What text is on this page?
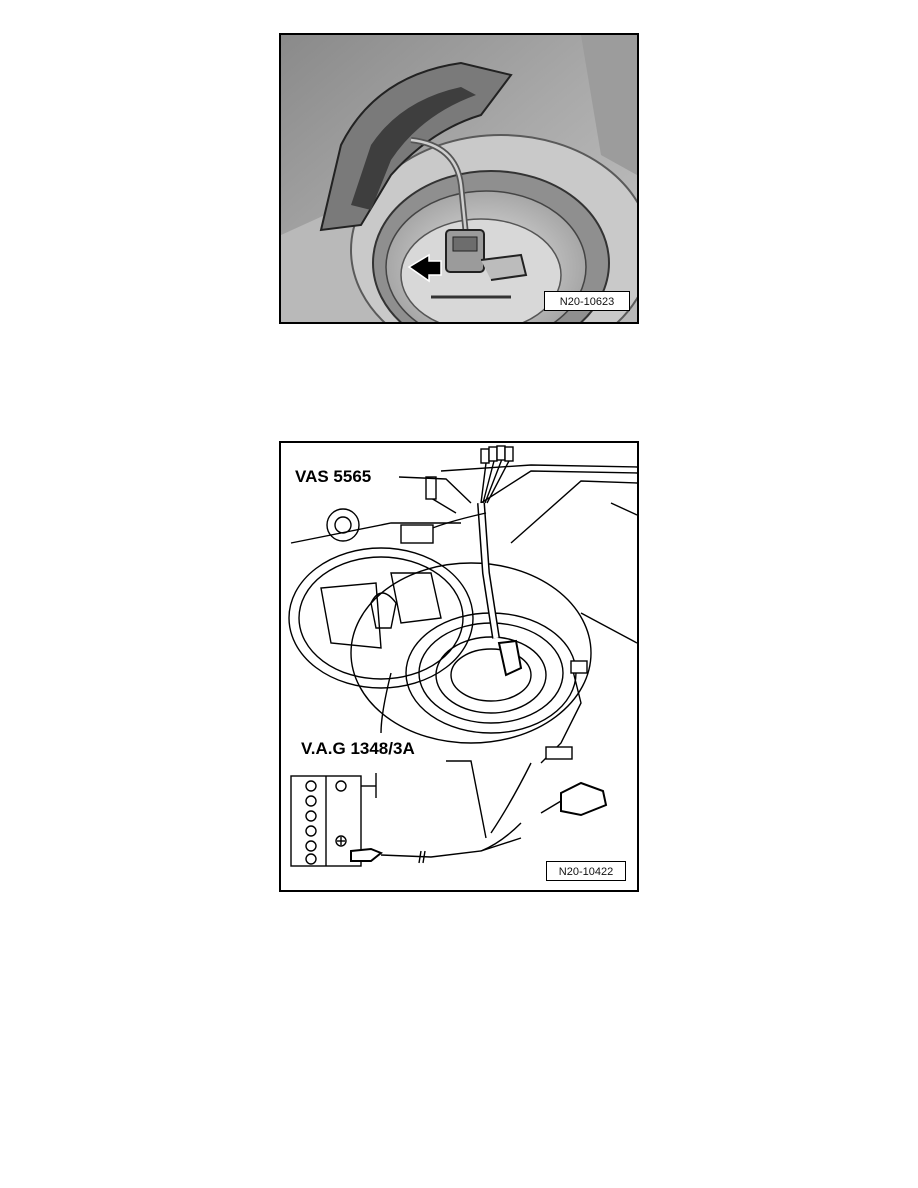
N20-10623
VAS 5565
V.A.G 1348/3A
N20-10422
